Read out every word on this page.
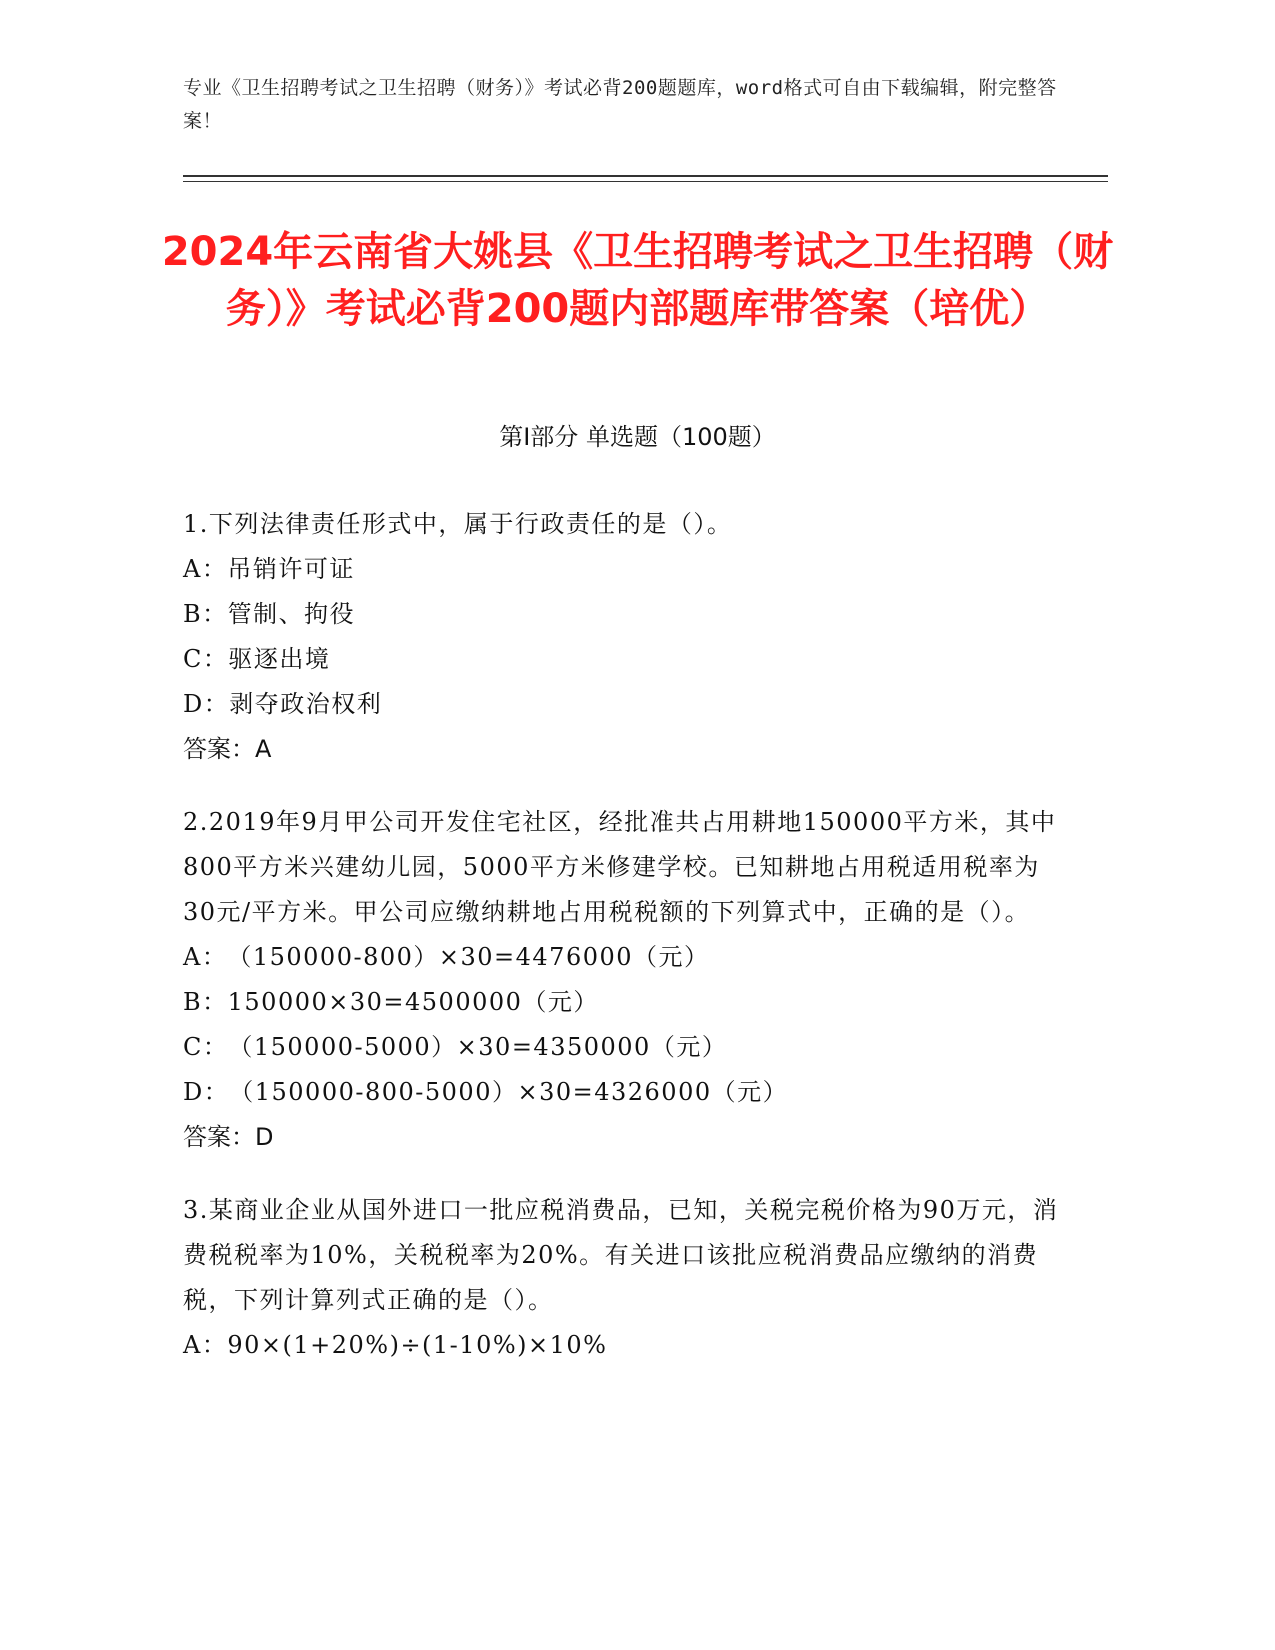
专业《卫生招聘考试之卫生招聘（财务）》考试必背200题题库，word格式可自由下载编辑，附完整答案！
2024年云南省大姚县《卫生招聘考试之卫生招聘（财务）》考试必背200题内部题库带答案（培优）
第I部分 单选题（100题）

1.下列法律责任形式中，属于行政责任的是（）。

A：吊销许可证

B：管制、拘役

C：驱逐出境

D：剥夺政治权利

答案：A

2.2019年9月甲公司开发住宅社区，经批准共占用耕地150000平方米，其中800平方米兴建幼儿园，5000平方米修建学校。已知耕地占用税适用税率为30元/平方米。甲公司应缴纳耕地占用税税额的下列算式中，正确的是（）。

A：（150000-800）×30=4476000（元）

B：150000×30=4500000（元）

C：（150000-5000）×30=4350000（元）

D：（150000-800-5000）×30=4326000（元）

答案：D

3.某商业企业从国外进口一批应税消费品，已知，关税完税价格为90万元，消费税税率为10%，关税税率为20%。有关进口该批应税消费品应缴纳的消费税，下列计算列式正确的是（）。

A：90×(1+20%)÷(1-10%)×10%
